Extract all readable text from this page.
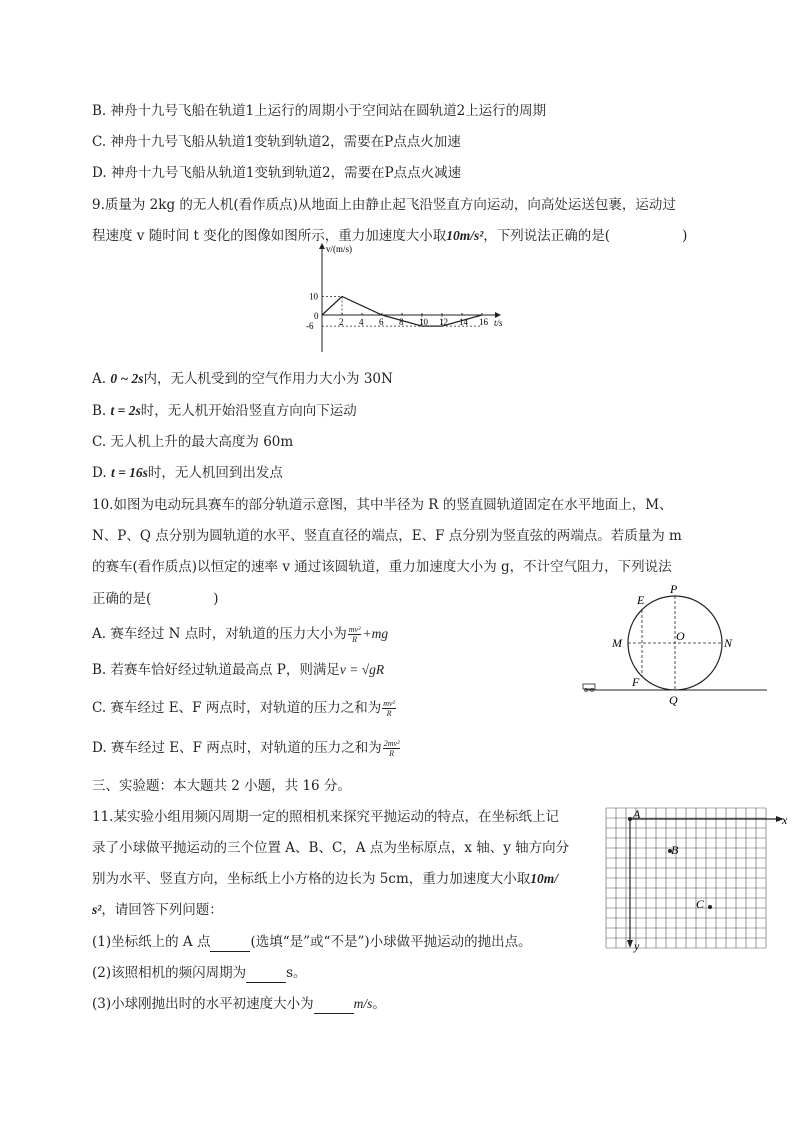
B. 神舟十九号飞船在轨道1上运行的周期小于空间站在圆轨道2上运行的周期
C. 神舟十九号飞船从轨道1变轨到轨道2，需要在P点点火加速
D. 神舟十九号飞船从轨道1变轨到轨道2，需要在P点点火减速
9.质量为 2kg 的无人机(看作质点)从地面上由静止起飞沿竖直方向运动，向高处运送包裹，运动过
程速度 v 随时间 t 变化的图像如图所示，重力加速度大小取10m/s²，下列说法正确的是(	)
v/(m/s)
t/s
0
2 4 6 8 10 12 14 16
10
-6
A. 0 ~ 2s内，无人机受到的空气作用力大小为 30N
B. t = 2s时，无人机开始沿竖直方向向下运动
C. 无人机上升的最大高度为 60m
D. t = 16s时，无人机回到出发点
10.如图为电动玩具赛车的部分轨道示意图，其中半径为 R 的竖直圆轨道固定在水平地面上，M、
N、P、Q 点分别为圆轨道的水平、竖直直径的端点，E、F 点分别为竖直弦的两端点。若质量为 m
的赛车(看作质点)以恒定的速率 v 通过该圆轨道，重力加速度大小为 g，不计空气阻力，下列说法
正确的是(	)
A. 赛车经过 N 点时，对轨道的压力大小为 $\frac{\text{mv²}}{R} +mg$
B. 若赛车恰好经过轨道最高点 P，则满足v = √gR
C. 赛车经过 E、F 两点时，对轨道的压力之和为 $\frac{\text{mv²}}{R}$
D. 赛车经过 E、F 两点时，对轨道的压力之和为 $\frac{\text{2mv²}}{R}$
P
E
M	O	N
F
Q
三、实验题：本大题共 2 小题，共 16 分。
11.某实验小组用频闪周期一定的照相机来探究平抛运动的特点，在坐标纸上记
录了小球做平抛运动的三个位置 A、B、C，A 点为坐标原点，x 轴、y 轴方向分
别为水平、竖直方向，坐标纸上小方格的边长为 5cm，重力加速度大小取10m/
s²，请回答下列问题：
(1)坐标纸上的 A 点	(选填“是”或“不是”)小球做平抛运动的抛出点。
(2)该照相机的频闪周期为	s。
(3)小球刚抛出时的水平初速度大小为	m/s。
x
y
A
B
C
